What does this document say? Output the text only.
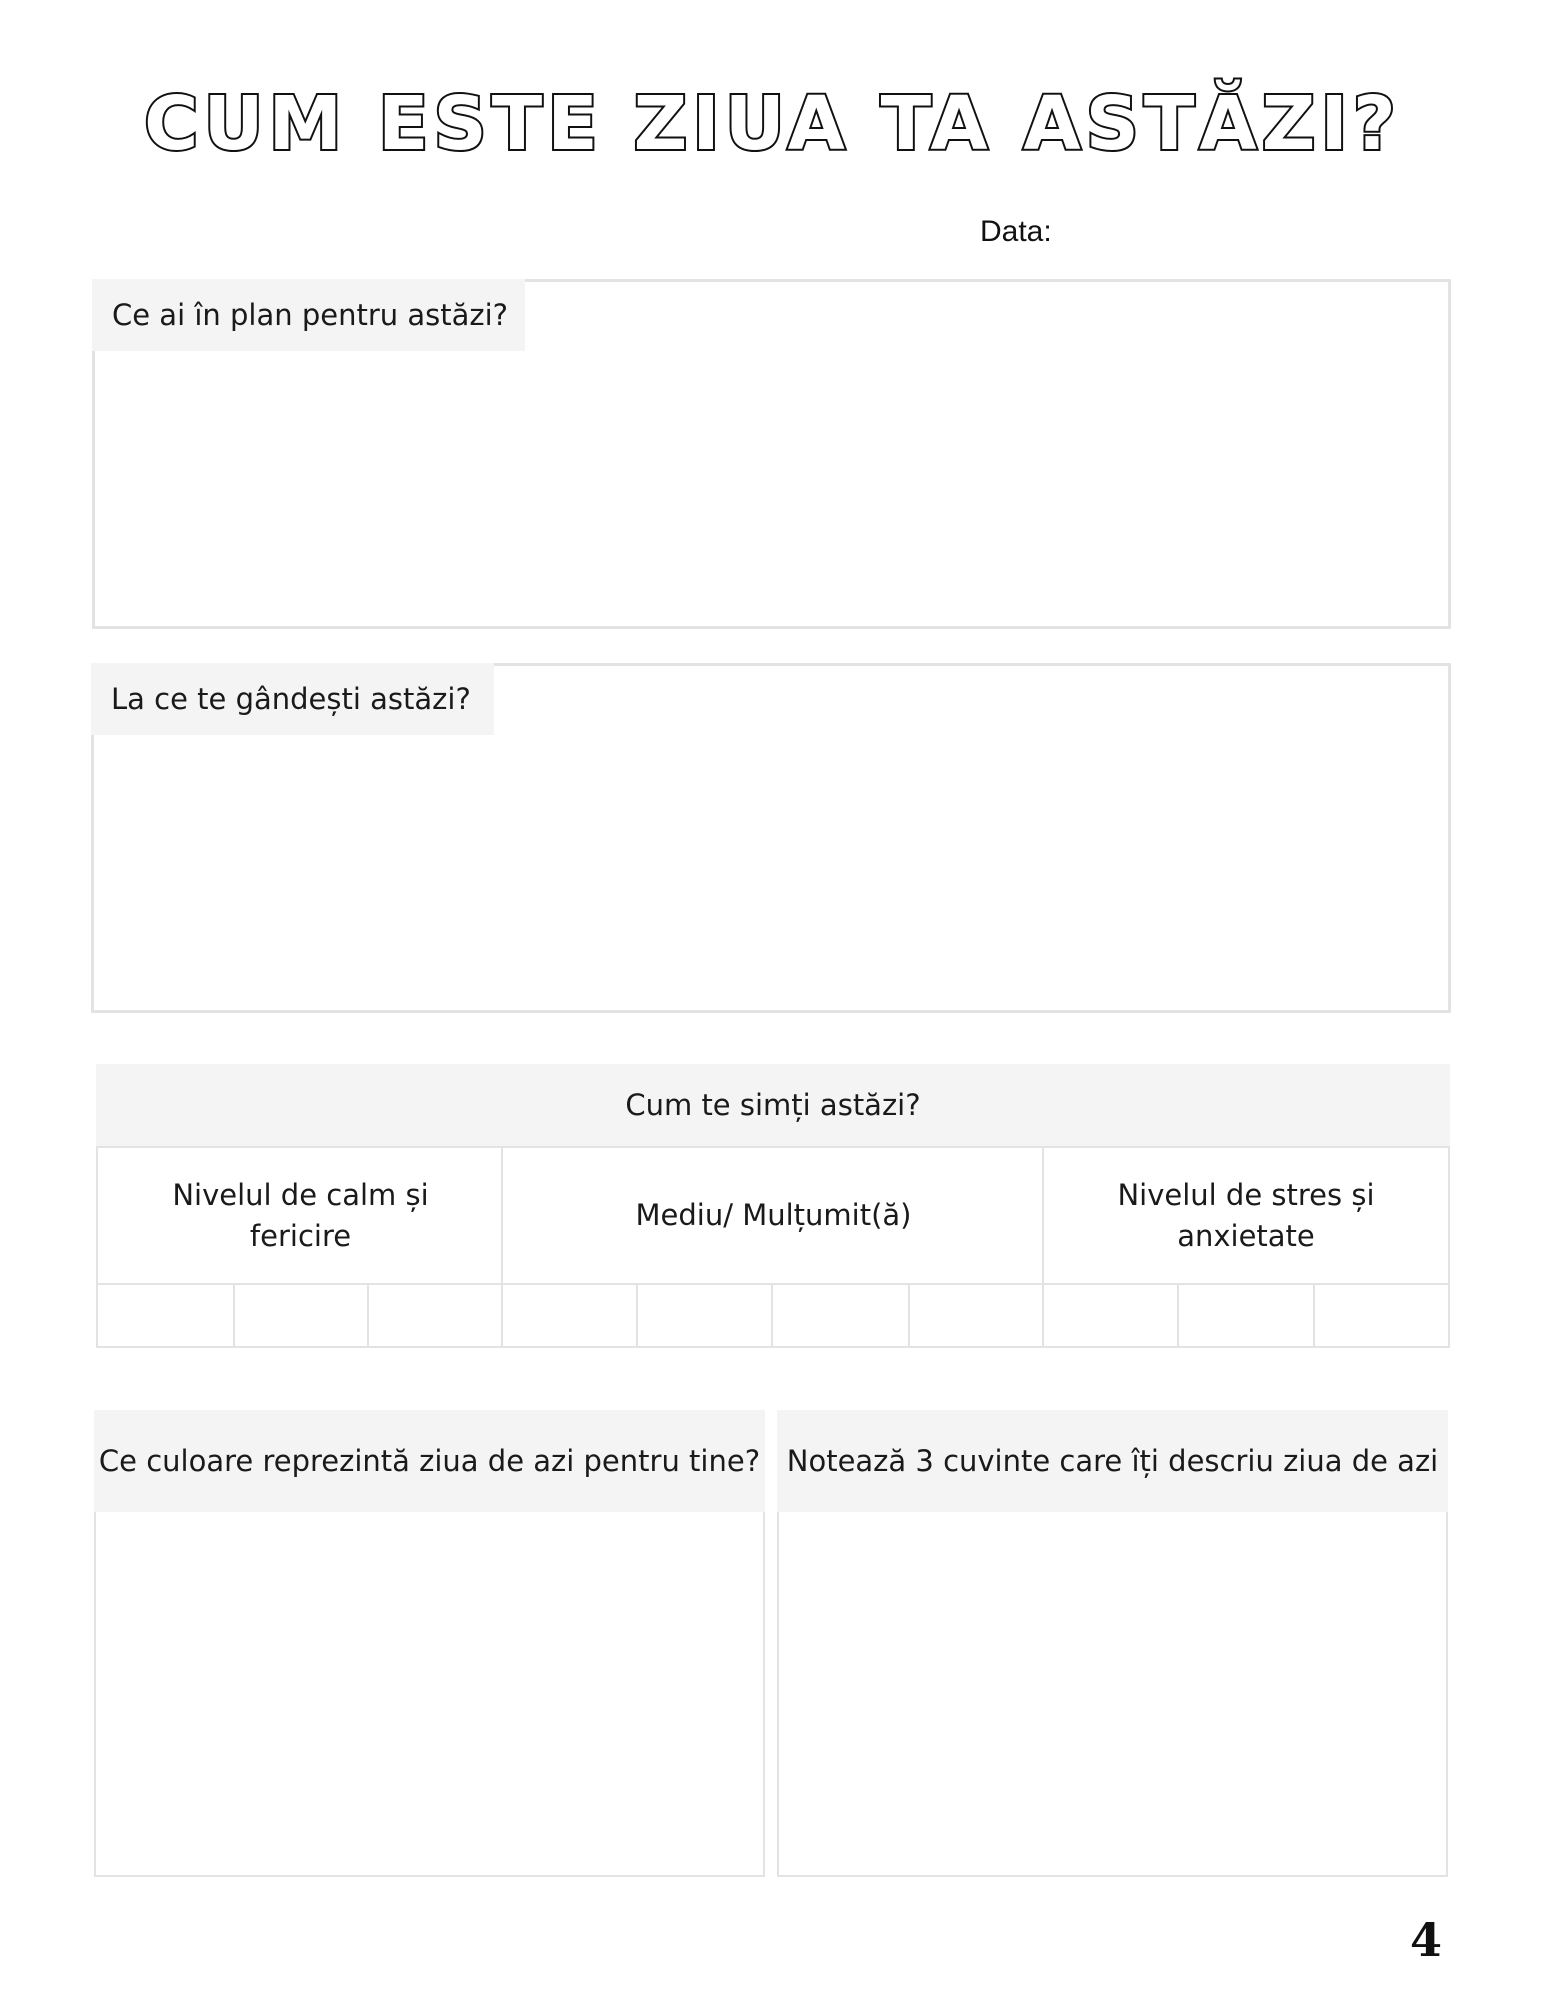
CUM ESTE ZIUA TA ASTĂZI?
Data:
Ce ai în plan pentru astăzi?
La ce te gândești astăzi?
Cum te simți astăzi?
Nivelul de calm și fericire
Mediu/ Mulțumit(ă)
Nivelul de stres și anxietate
Ce culoare reprezintă ziua de azi pentru tine? Notează 3 cuvinte care îți descriu ziua de azi
4
